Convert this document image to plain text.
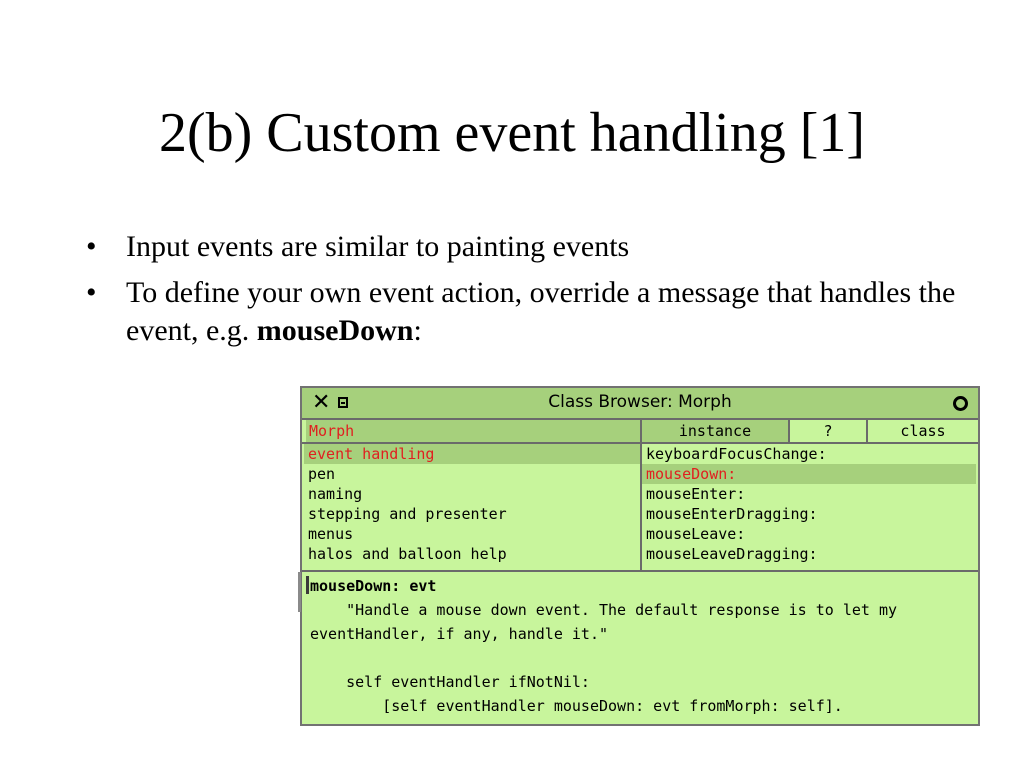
2(b) Custom event handling [1]
• Input events are similar to painting events
• To define your own event action, override a message that handles the event, e.g. mouseDown:
✕	Class Browser: Morph
Morph	instance	?	class
event handling
pen
naming
stepping and presenter
menus
halos and balloon help
keyboardFocusChange:
mouseDown:
mouseEnter:
mouseEnterDragging:
mouseLeave:
mouseLeaveDragging:
mouseDown: evt
"Handle a mouse down event. The default response is to let my
eventHandler, if any, handle it."

self eventHandler ifNotNil:
[self eventHandler mouseDown: evt fromMorph: self].
